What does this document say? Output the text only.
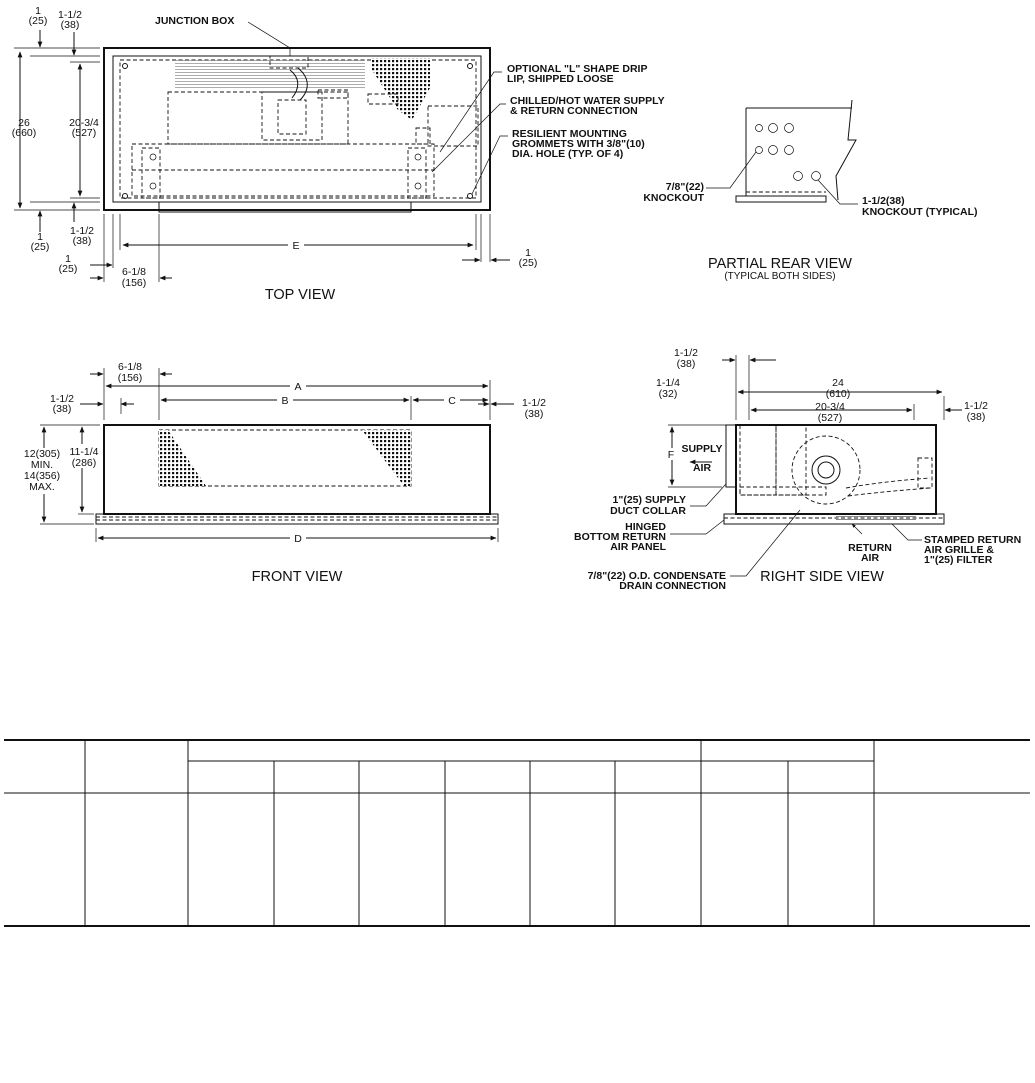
TOP VIEW
JUNCTION BOX
OPTIONAL "L" SHAPE DRIP
LIP, SHIPPED LOOSE
CHILLED/HOT WATER SUPPLY
& RETURN CONNECTION
RESILIENT MOUNTING
GROMMETS WITH 3/8"(10)
DIA. HOLE (TYP. OF 4)
1
(25) 1-1/2
(38)
26
(660)
20-3/4
(527)
1-1/2
(38)
1
(25)
1
(25)	6-1/8
(156)
1
(25)
E
7/8"(22)
KNOCKOUT	1-1/2(38)
KNOCKOUT (TYPICAL)
PARTIAL REAR VIEW
(TYPICAL BOTH SIDES)
6-1/8
(156)
A
B	C
D
1-1/2
(38)	1-1/2
(38)
12(305)
MIN.
14(356)
MAX.
11-1/4
(286)
FRONT VIEW
F
1-1/2
(38)
1-1/4
(32)
24
(610)
20-3/4
(527)
1-1/2
(38)
SUPPLY
AIR
1"(25) SUPPLY
DUCT COLLAR
HINGED
BOTTOM RETURN
AIR PANEL	RETURN
AIR
STAMPED RETURN
AIR GRILLE &
1"(25) FILTER
7/8"(22) O.D. CONDENSATE
DRAIN CONNECTION
RIGHT SIDE VIEW
